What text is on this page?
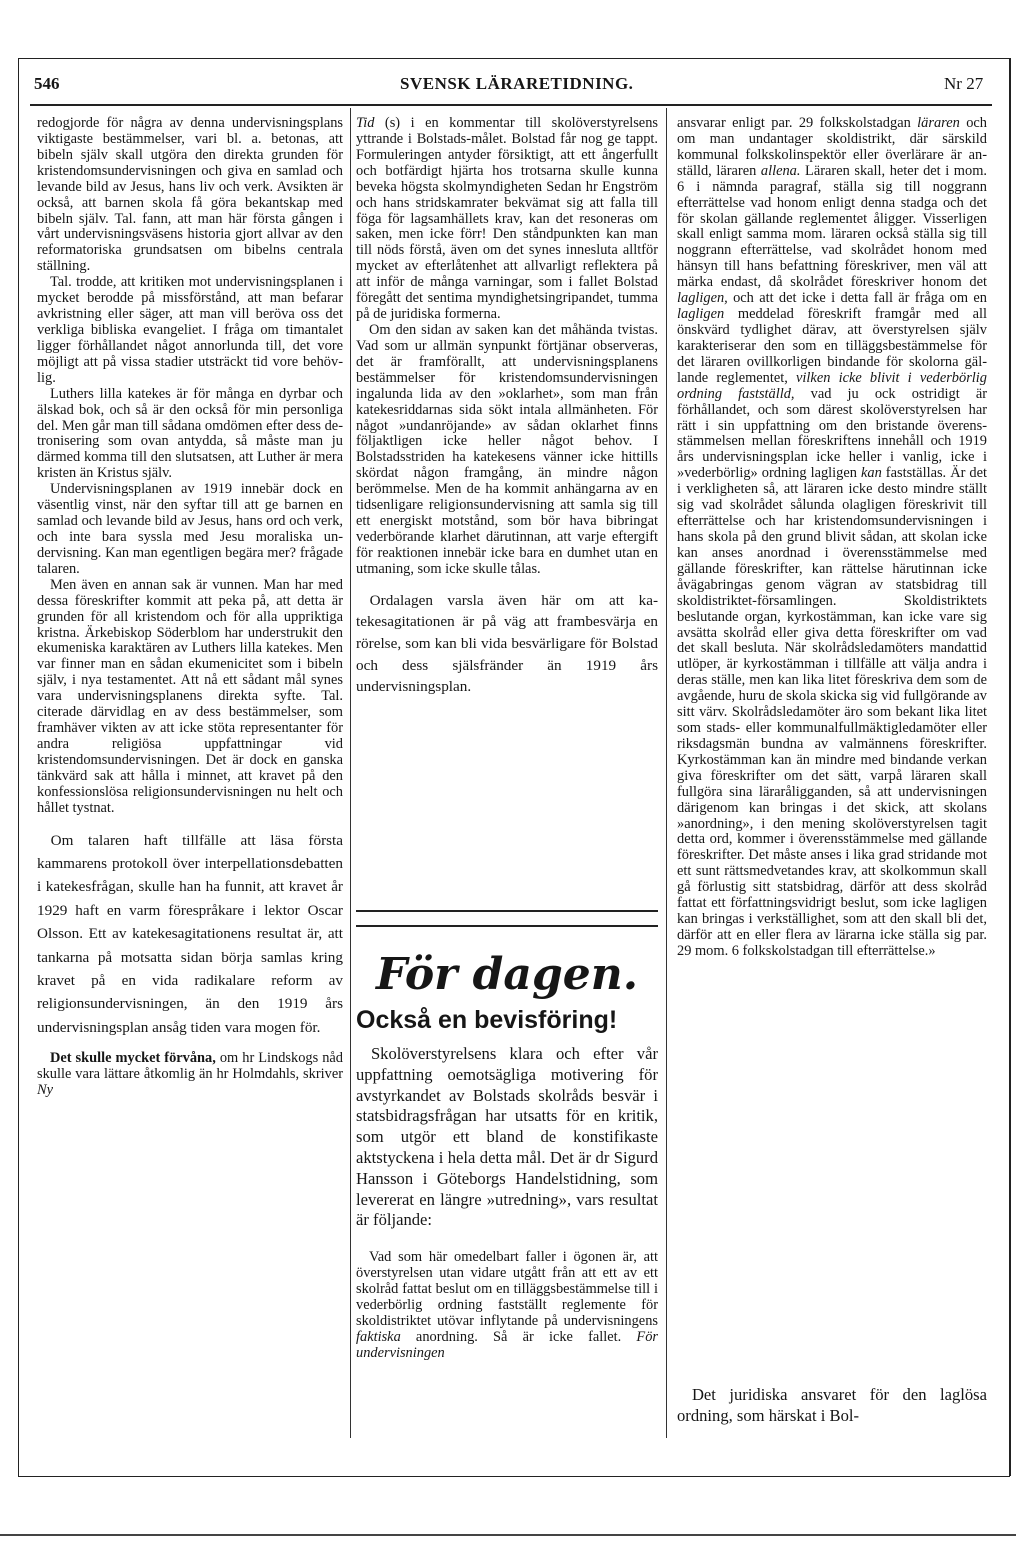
546	SVENSK LÄRARETIDNING.	Nr 27

redogjorde för några av denna undervisningsplans viktigaste bestämmelser, vari bl. a. betonas, att bibeln själv skall utgöra den direkta grunden för kristendomsundervisningen och giva en samlad och levande bild av Jesus, hans liv och verk. Avsikten är också, att barnen skola få göra bekantskap med bibeln själv. Tal. fann, att man här första gången i vårt undervisningsväsens historia gjort allvar av den reformatoriska grundsatsen om bibelns centrala ställning.

Tal. trodde, att kritiken mot undervisningsplanen i mycket berodde på missförstånd, att man befarar avkristning eller säger, att man vill beröva oss det verkliga bibliska evangeliet. I fråga om timantalet ligger förhållandet något annorlunda till, det vore möjligt att på vissa stadier utsträckt tid vore behövlig.

Luthers lilla katekes är för många en dyrbar och älskad bok, och så är den också för min personliga del. Men går man till sådana omdömen efter dess detronisering som ovan antydda, så måste man ju därmed komma till den slutsatsen, att Luther är mera kristen än Kristus själv.

Undervisningsplanen av 1919 innebär dock en väsentlig vinst, när den syftar till att ge barnen en samlad och levande bild av Jesus, hans ord och verk, och inte bara syssla med Jesu moraliska undervisning. Kan man egentligen begära mer? frågade talaren.

Men även en annan sak är vunnen. Man har med dessa föreskrifter kommit att peka på, att detta är grunden för all kristendom och för alla uppriktiga kristna. Ärkebiskop Söderblom har understrukit den ekumeniska karaktären av Luthers lilla katekes. Men var finner man en sådan ekumenicitet som i bibeln själv, i nya testamentet. Att nå ett sådant mål synes vara undervisningsplanens direkta syfte. Tal. citerade därvidlag en av dess bestämmelser, som framhäver vikten av att icke stöta representanter för andra religiösa uppfattningar vid kristendomsundervisningen. Det är dock en ganska tänkvärd sak att hålla i minnet, att kravet på den konfessionslösa religionsundervisningen nu helt och hållet tystnat.

Om talaren haft tillfälle att läsa första kammarens protokoll över interpellationsdebatten i katekesfrågan, skulle han ha funnit, att kravet år 1929 haft en varm förespråkare i lektor Oscar Olsson. Ett av katekesagitationens resultat är, att tankarna på motsatta sidan börja samlas kring kravet på en vida radikalare reform av religionsundervisningen, än den 1919 års undervisningsplan ansåg tiden vara mogen för.

Det skulle mycket förvåna, om hr Lindskogs nåd skulle vara lättare åtkomlig än hr Holmdahls, skriver Ny

Tid (s) i en kommentar till skolöverstyrelsens yttrande i Bolstads-målet. Bolstad får nog ge tappt. Formuleringen antyder försiktigt, att ett ångerfullt och botfärdigt hjärta hos trotsarna skulle kunna beveka högsta skolmyndigheten Sedan hr Engström och hans stridskamrater bekvämat sig att falla till föga för lagsamhällets krav, kan det resoneras om saken, men icke förr! Den ståndpunkten kan man till nöds förstå, även om det synes innesluta alltför mycket av efterlåtenhet att allvarligt reflektera på att inför de många varningar, som i fallet Bolstad föregått det sentima myndighetsingripandet, tumma på de juridiska formerna.

Om den sidan av saken kan det måhända tvistas. Vad som ur allmän synpunkt förtjänar observeras, det är framförallt, att undervisningsplanens bestämmelser för kristendomsundervisningen ingalunda lida av den »oklarhet», som man från katekesriddarnas sida sökt intala allmänheten. För något »undanröjande» av sådan oklarhet finns följaktligen icke heller något behov. I Bolstadsstriden ha katekesens vänner icke hittills skördat någon framgång, än mindre någon berömmelse. Men de ha kommit anhängarna av en tidsenligare religionsundervisning att samla sig till ett energiskt motstånd, som bör hava bibringat vederbörande klarhet därutinnan, att varje eftergift för reaktionen innebär icke bara en dumhet utan en utmaning, som icke skulle tålas.

Ordalagen varsla även här om att katekesagitationen är på väg att frambesvärja en rörelse, som kan bli vida besvärligare för Bolstad och dess själsfränder än 1919 års undervisningsplan.

För dagen.
Också en bevisföring!

Skolöverstyrelsens klara och efter vår uppfattning oemotsägliga motivering för avstyrkandet av Bolstads skolråds besvär i statsbidragsfrågan har utsatts för en kritik, som utgör ett bland de konstifikaste aktstyckena i hela detta mål. Det är dr Sigurd Hansson i Göteborgs Handelstidning, som levererat en längre »utredning», vars resultat är följande:

Vad som här omedelbart faller i ögonen är, att överstyrelsen utan vidare utgått från att ett av ett skolråd fattat beslut om en tilläggsbestämmelse till i vederbörlig ordning fastställt reglemente för skoldistriktet utövar inflytande på undervisningens faktiska anordning. Så är icke fallet. För undervisningen

ansvarar enligt par. 29 folkskolstadgan läraren och om man undantager skoldistrikt, där särskild kommunal folkskolinspektör eller överlärare är anställd, läraren allena. Läraren skall, heter det i mom. 6 i nämnda paragraf, ställa sig till noggrann efterrättelse vad honom enligt denna stadga och det för skolan gällande reglementet åligger. Visserligen skall enligt samma mom. läraren också ställa sig till noggrann efterrättelse, vad skolrådet honom med hänsyn till hans befattning föreskriver, men väl att märka endast, då skolrådet föreskriver honom det lagligen, och att det icke i detta fall är fråga om en lagligen meddelad föreskrift framgår med all önskvärd tydlighet därav, att överstyrelsen själv karakteriserar den som en tilläggsbestämmelse för det läraren ovillkorligen bindande för skolorna gällande reglementet, vilken icke blivit i vederbörlig ordning fastställd, vad ju ock ostridigt är förhållandet, och som därest skolöverstyrelsen har rätt i sin uppfattning om den bristande överensstämmelsen mellan föreskriftens innehåll och 1919 års undervisningsplan icke heller i vanlig, icke i »vederbörlig» ordning lagligen kan fastställas. Är det i verkligheten så, att läraren icke desto mindre ställt sig vad skolrådet sålunda olagligen föreskrivit till efterrättelse och har kristendomsundervisningen i hans skola på den grund blivit sådan, att skolan icke kan anses anordnad i överensstämmelse med gällande föreskrifter, kan rättelse härutinnan icke åvägabringas genom vägran av statsbidrag till skoldistriktet-församlingen. Skoldistriktets beslutande organ, kyrkostämman, kan icke vare sig avsätta skolråd eller giva detta föreskrifter om vad det skall besluta. När skolrådsledamöters mandattid utlöper, är kyrkostämman i tillfälle att välja andra i deras ställe, men kan lika litet föreskriva dem som de avgående, huru de skola skicka sig vid fullgörande av sitt värv. Skolrådsledamöter äro som bekant lika litet som stads- eller kommunalfullmäktigledamöter eller riksdagsmän bundna av valmännens föreskrifter. Kyrkostämman kan än mindre med bindande verkan giva föreskrifter om det sätt, varpå läraren skall fullgöra sina läraråligganden, så att undervisningen därigenom kan bringas i det skick, att skolans »anordning», i den mening skolöverstyrelsen tagit detta ord, kommer i överensstämmelse med gällande föreskrifter. Det måste anses i lika grad stridande mot ett sunt rättsmedvetandes krav, att skolkommun skall gå förlustig sitt statsbidrag, därför att dess skolråd fattat ett författningsvidrigt beslut, som icke lagligen kan bringas i verkställighet, som att den skall bli det, därför att en eller flera av lärarna icke ställa sig par. 29 mom. 6 folkskolstadgan till efterrättelse.»

Det juridiska ansvaret för den laglösa ordning, som härskat i Bol-
